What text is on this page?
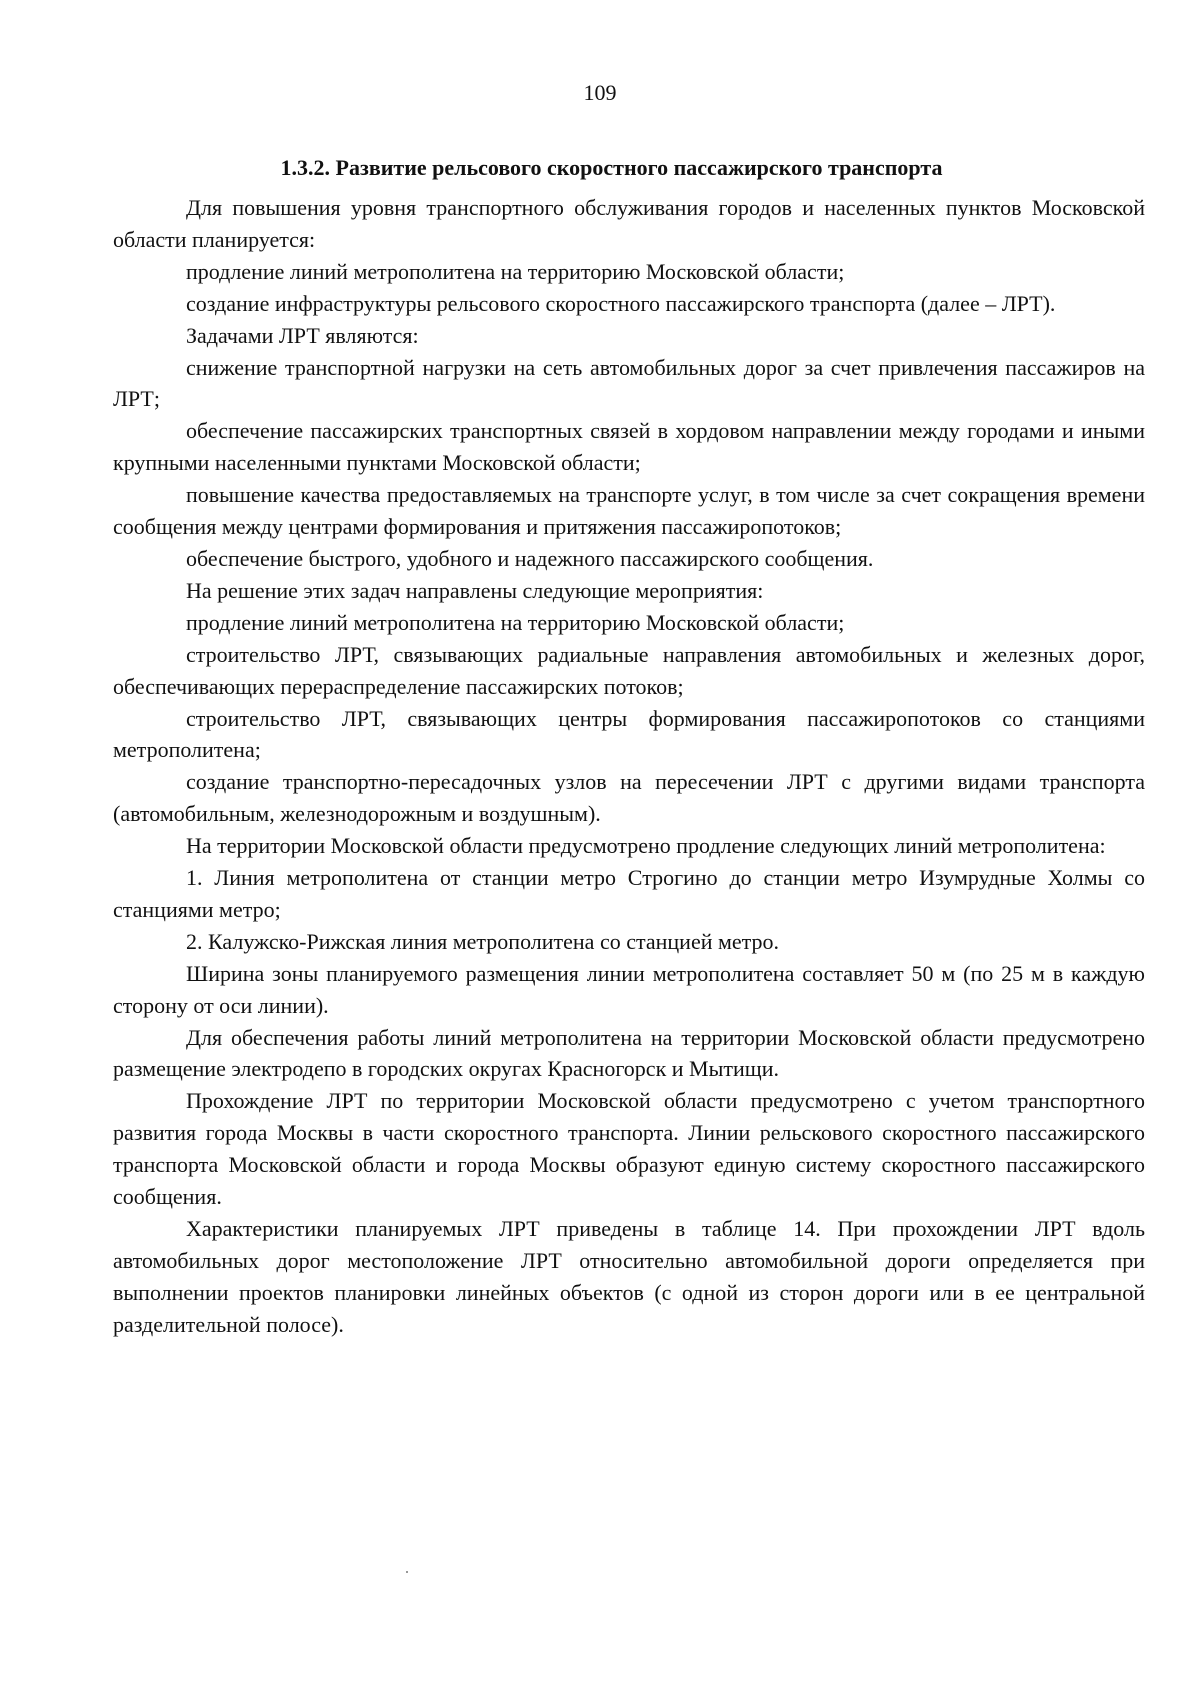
109
1.3.2. Развитие рельсового скоростного пассажирского транспорта

Для повышения уровня транспортного обслуживания городов и населенных пунктов Московской области планируется:

продление линий метрополитена на территорию Московской области;

создание инфраструктуры рельсового скоростного пассажирского транспорта (далее – ЛРТ).

Задачами ЛРТ являются:

снижение транспортной нагрузки на сеть автомобильных дорог за счет привлечения пассажиров на ЛРТ;

обеспечение пассажирских транспортных связей в хордовом направлении между городами и иными крупными населенными пунктами Московской области;

повышение качества предоставляемых на транспорте услуг, в том числе за счет сокращения времени сообщения между центрами формирования и притяжения пассажиропотоков;

обеспечение быстрого, удобного и надежного пассажирского сообщения.

На решение этих задач направлены следующие мероприятия:

продление линий метрополитена на территорию Московской области;

строительство ЛРТ, связывающих радиальные направления автомобильных и железных дорог, обеспечивающих перераспределение пассажирских потоков;

строительство ЛРТ, связывающих центры формирования пассажиропотоков со станциями метрополитена;

создание транспортно-пересадочных узлов на пересечении ЛРТ с другими видами транспорта (автомобильным, железнодорожным и воздушным).

На территории Московской области предусмотрено продление следующих линий метрополитена:

1. Линия метрополитена от станции метро Строгино до станции метро Изумрудные Холмы со станциями метро;

2. Калужско-Рижская линия метрополитена со станцией метро.

Ширина зоны планируемого размещения линии метрополитена составляет 50 м (по 25 м в каждую сторону от оси линии).

Для обеспечения работы линий метрополитена на территории Московской области предусмотрено размещение электродепо в городских округах Красногорск и Мытищи.

Прохождение ЛРТ по территории Московской области предусмотрено с учетом транспортного развития города Москвы в части скоростного транспорта. Линии рельскового скоростного пассажирского транспорта Московской области и города Москвы образуют единую систему скоростного пассажирского сообщения.

Характеристики планируемых ЛРТ приведены в таблице 14. При прохождении ЛРТ вдоль автомобильных дорог местоположение ЛРТ относительно автомобильной дороги определяется при выполнении проектов планировки линейных объектов (с одной из сторон дороги или в ее центральной разделительной полосе).
